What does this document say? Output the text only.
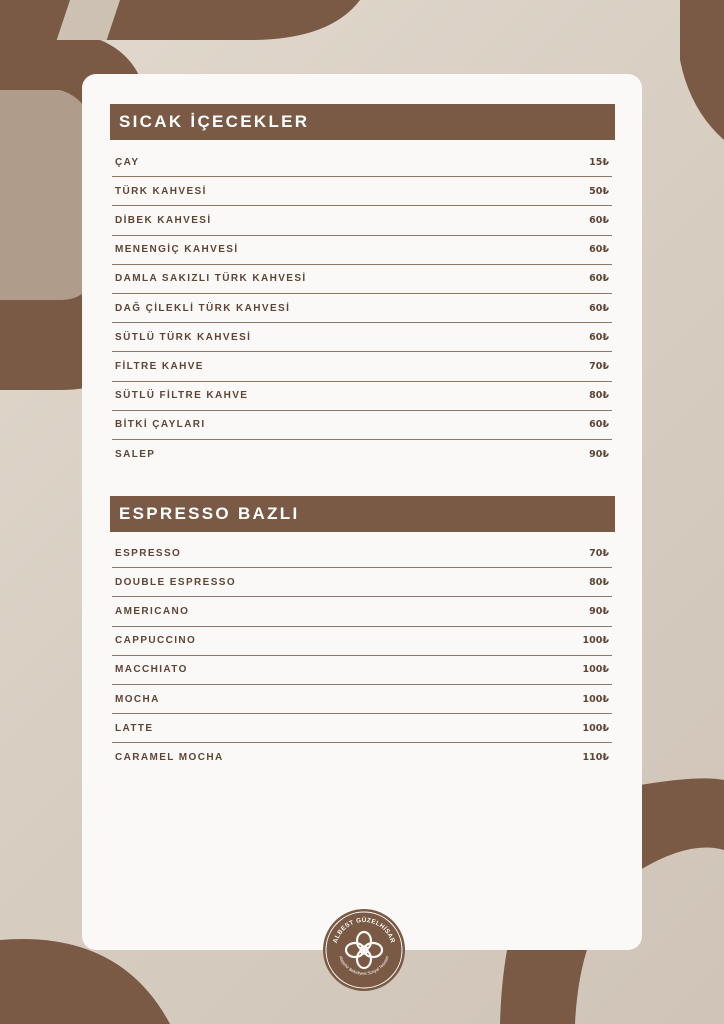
SICAK İÇECEKLER
ÇAY	15₺
TÜRK KAHVESİ	50₺
DİBEK KAHVESİ	60₺
MENENGİÇ KAHVESİ	60₺
DAMLA SAKIZLI TÜRK KAHVESİ	60₺
DAĞ ÇİLEKLİ TÜRK KAHVESİ	60₺
SÜTLÜ TÜRK KAHVESİ	60₺
FİLTRE KAHVE	70₺
SÜTLÜ FİLTRE KAHVE	80₺
BİTKİ ÇAYLARI	60₺
SALEP	90₺
ESPRESSO BAZLI
ESPRESSO	70₺
DOUBLE ESPRESSO	80₺
AMERICANO	90₺
CAPPUCCINO	100₺
MACCHIATO	100₺
MOCHA	100₺
LATTE	100₺
CARAMEL MOCHA	110₺
ALBEST GÜZELHİSAR
Alaşehir Belediyesi Sosyal Tesisleri
